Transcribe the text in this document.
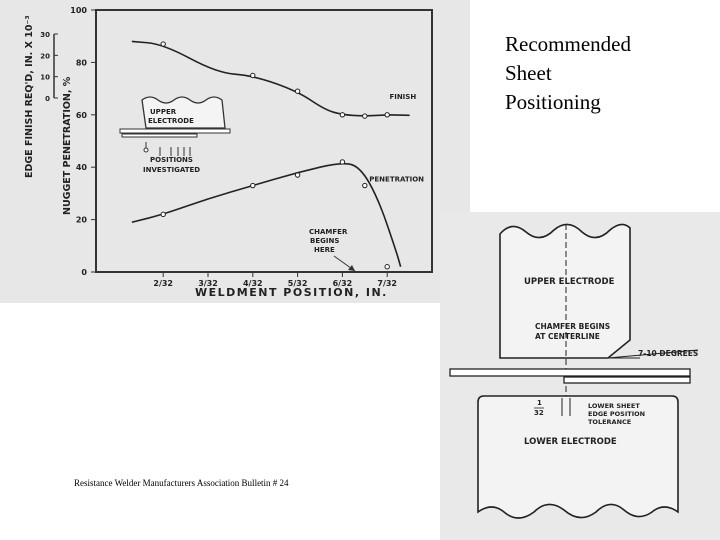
0
10
20
30
0
20
40
60
80
100
2/32	3/32	4/32	5/32	6/32	7/32
FINISH
PENETRATION
NUGGET PENETRATION, %
EDGE FINISH REQ'D, IN. X 10⁻³
WELDMENT POSITION, IN.
UPPER
ELECTRODE
POSITIONS
INVESTIGATED
CHAMFER
BEGINS
HERE
Recommended
Sheet
Positioning
UPPER ELECTRODE
CHAMFER BEGINS
AT CENTERLINE
7-10 DEGREES
1
32
LOWER SHEET
EDGE POSITION
TOLERANCE
LOWER ELECTRODE
Resistance Welder Manufacturers Association Bulletin # 24
